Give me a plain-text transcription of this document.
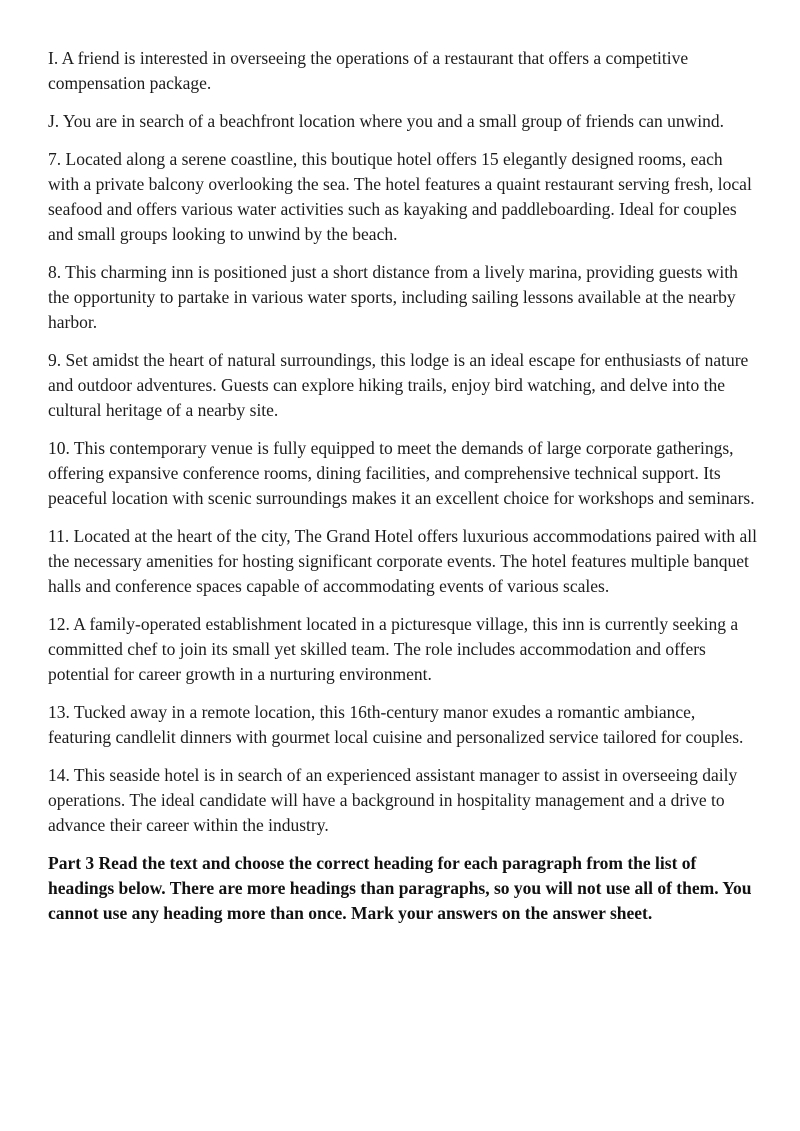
I. A friend is interested in overseeing the operations of a restaurant that offers a competitive compensation package.

J. You are in search of a beachfront location where you and a small group of friends can unwind.

7. Located along a serene coastline, this boutique hotel offers 15 elegantly designed rooms, each with a private balcony overlooking the sea. The hotel features a quaint restaurant serving fresh, local seafood and offers various water activities such as kayaking and paddleboarding. Ideal for couples and small groups looking to unwind by the beach.

8. This charming inn is positioned just a short distance from a lively marina, providing guests with the opportunity to partake in various water sports, including sailing lessons available at the nearby harbor.

9. Set amidst the heart of natural surroundings, this lodge is an ideal escape for enthusiasts of nature and outdoor adventures. Guests can explore hiking trails, enjoy bird watching, and delve into the cultural heritage of a nearby site.

10. This contemporary venue is fully equipped to meet the demands of large corporate gatherings, offering expansive conference rooms, dining facilities, and comprehensive technical support. Its peaceful location with scenic surroundings makes it an excellent choice for workshops and seminars.

11. Located at the heart of the city, The Grand Hotel offers luxurious accommodations paired with all the necessary amenities for hosting significant corporate events. The hotel features multiple banquet halls and conference spaces capable of accommodating events of various scales.

12. A family-operated establishment located in a picturesque village, this inn is currently seeking a committed chef to join its small yet skilled team. The role includes accommodation and offers potential for career growth in a nurturing environment.

13. Tucked away in a remote location, this 16th-century manor exudes a romantic ambiance, featuring candlelit dinners with gourmet local cuisine and personalized service tailored for couples.

14. This seaside hotel is in search of an experienced assistant manager to assist in overseeing daily operations. The ideal candidate will have a background in hospitality management and a drive to advance their career within the industry.

Part 3 Read the text and choose the correct heading for each paragraph from the list of headings below. There are more headings than paragraphs, so you will not use all of them. You cannot use any heading more than once. Mark your answers on the answer sheet.
